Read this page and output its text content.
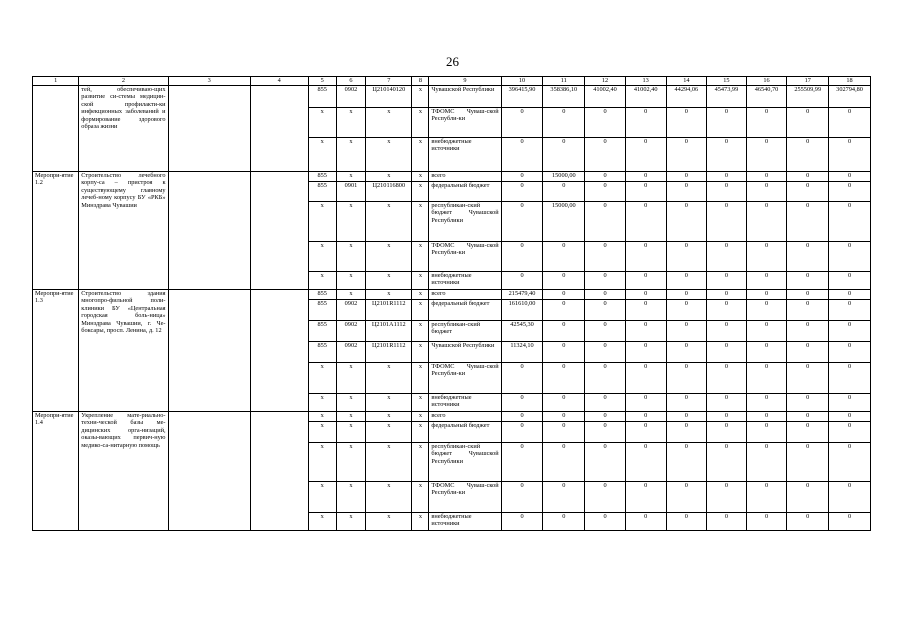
26
1	2	3	4	5	6	7	8	9	10	11	12	13	14	15	16	17	18
	тей, обеспечиваю-щих развитие си-стемы медицин-ской профилакти-ки инфекционных заболеваний и формирование здорового образа жизни			855	0902	Ц210140120	х	Чувашской Республики	396415,90	358386,10	41002,40	41002,40	44294,06	45473,99	46540,70	255509,99	302794,80
				х	х	х	х	ТФОМС Чуваш-ской Республи-ки	0	0	0	0	0	0	0	0	0
				х	х	х	х	внебюджетные источники	0	0	0	0	0	0	0	0	0
Меропри-ятие 1.2	Строительство лечебного корпу-са – пристроя к существующему главному лечеб-ному корпусу БУ «РКБ» Минздрава Чувашии			855	х	х	х	всего	0	15000,00	0	0	0	0	0	0	0
				855	0901	Ц210116800	х	федеральный бюджет	0	0	0	0	0	0	0	0	0
				х	х	х	х	республикан-ский бюджет Чувашской Республики	0	15000,00	0	0	0	0	0	0	0
				х	х	х	х	ТФОМС Чуваш-ской Республи-ки	0	0	0	0	0	0	0	0	0
				х	х	х	х	внебюджетные источники	0	0	0	0	0	0	0	0	0
Меропри-ятие 1.3	Строительство здания многопро-фильной поли-клиники БУ «Центральная городская боль-ница» Минздрава Чувашии, г. Че-боксары, просп. Ленина, д. 12			855	х	х	х	всего	215479,40	0	0	0	0	0	0	0	0
				855	0902	Ц2101R1112	х	федеральный бюджет	161610,00	0	0	0	0	0	0	0	0
				855	0902	Ц2101А1112	х	республикан-ский бюджет	42545,30	0	0	0	0	0	0	0	0
				855	0902	Ц2101R1112	х	Чувашской Республики	11324,10	0	0	0	0	0	0	0	0
				х	х	х	х	ТФОМС Чуваш-ской Республи-ки	0	0	0	0	0	0	0	0	0
				х	х	х	х	внебюджетные источники	0	0	0	0	0	0	0	0	0
Меропри-ятие 1.4	Укрепление мате-риально-техни-ческой базы ме-дицинских орга-низаций, оказы-вающих первич-ную медико-са-нитарную помощь			х	х	х	х	всего	0	0	0	0	0	0	0	0	0
				х	х	х	х	федеральный бюджет	0	0	0	0	0	0	0	0	0
				х	х	х	х	республикан-ский бюджет Чувашской Республики	0	0	0	0	0	0	0	0	0
				х	х	х	х	ТФОМС Чуваш-ской Республи-ки	0	0	0	0	0	0	0	0	0
				х	х	х	х	внебюджетные источники	0	0	0	0	0	0	0	0	0
